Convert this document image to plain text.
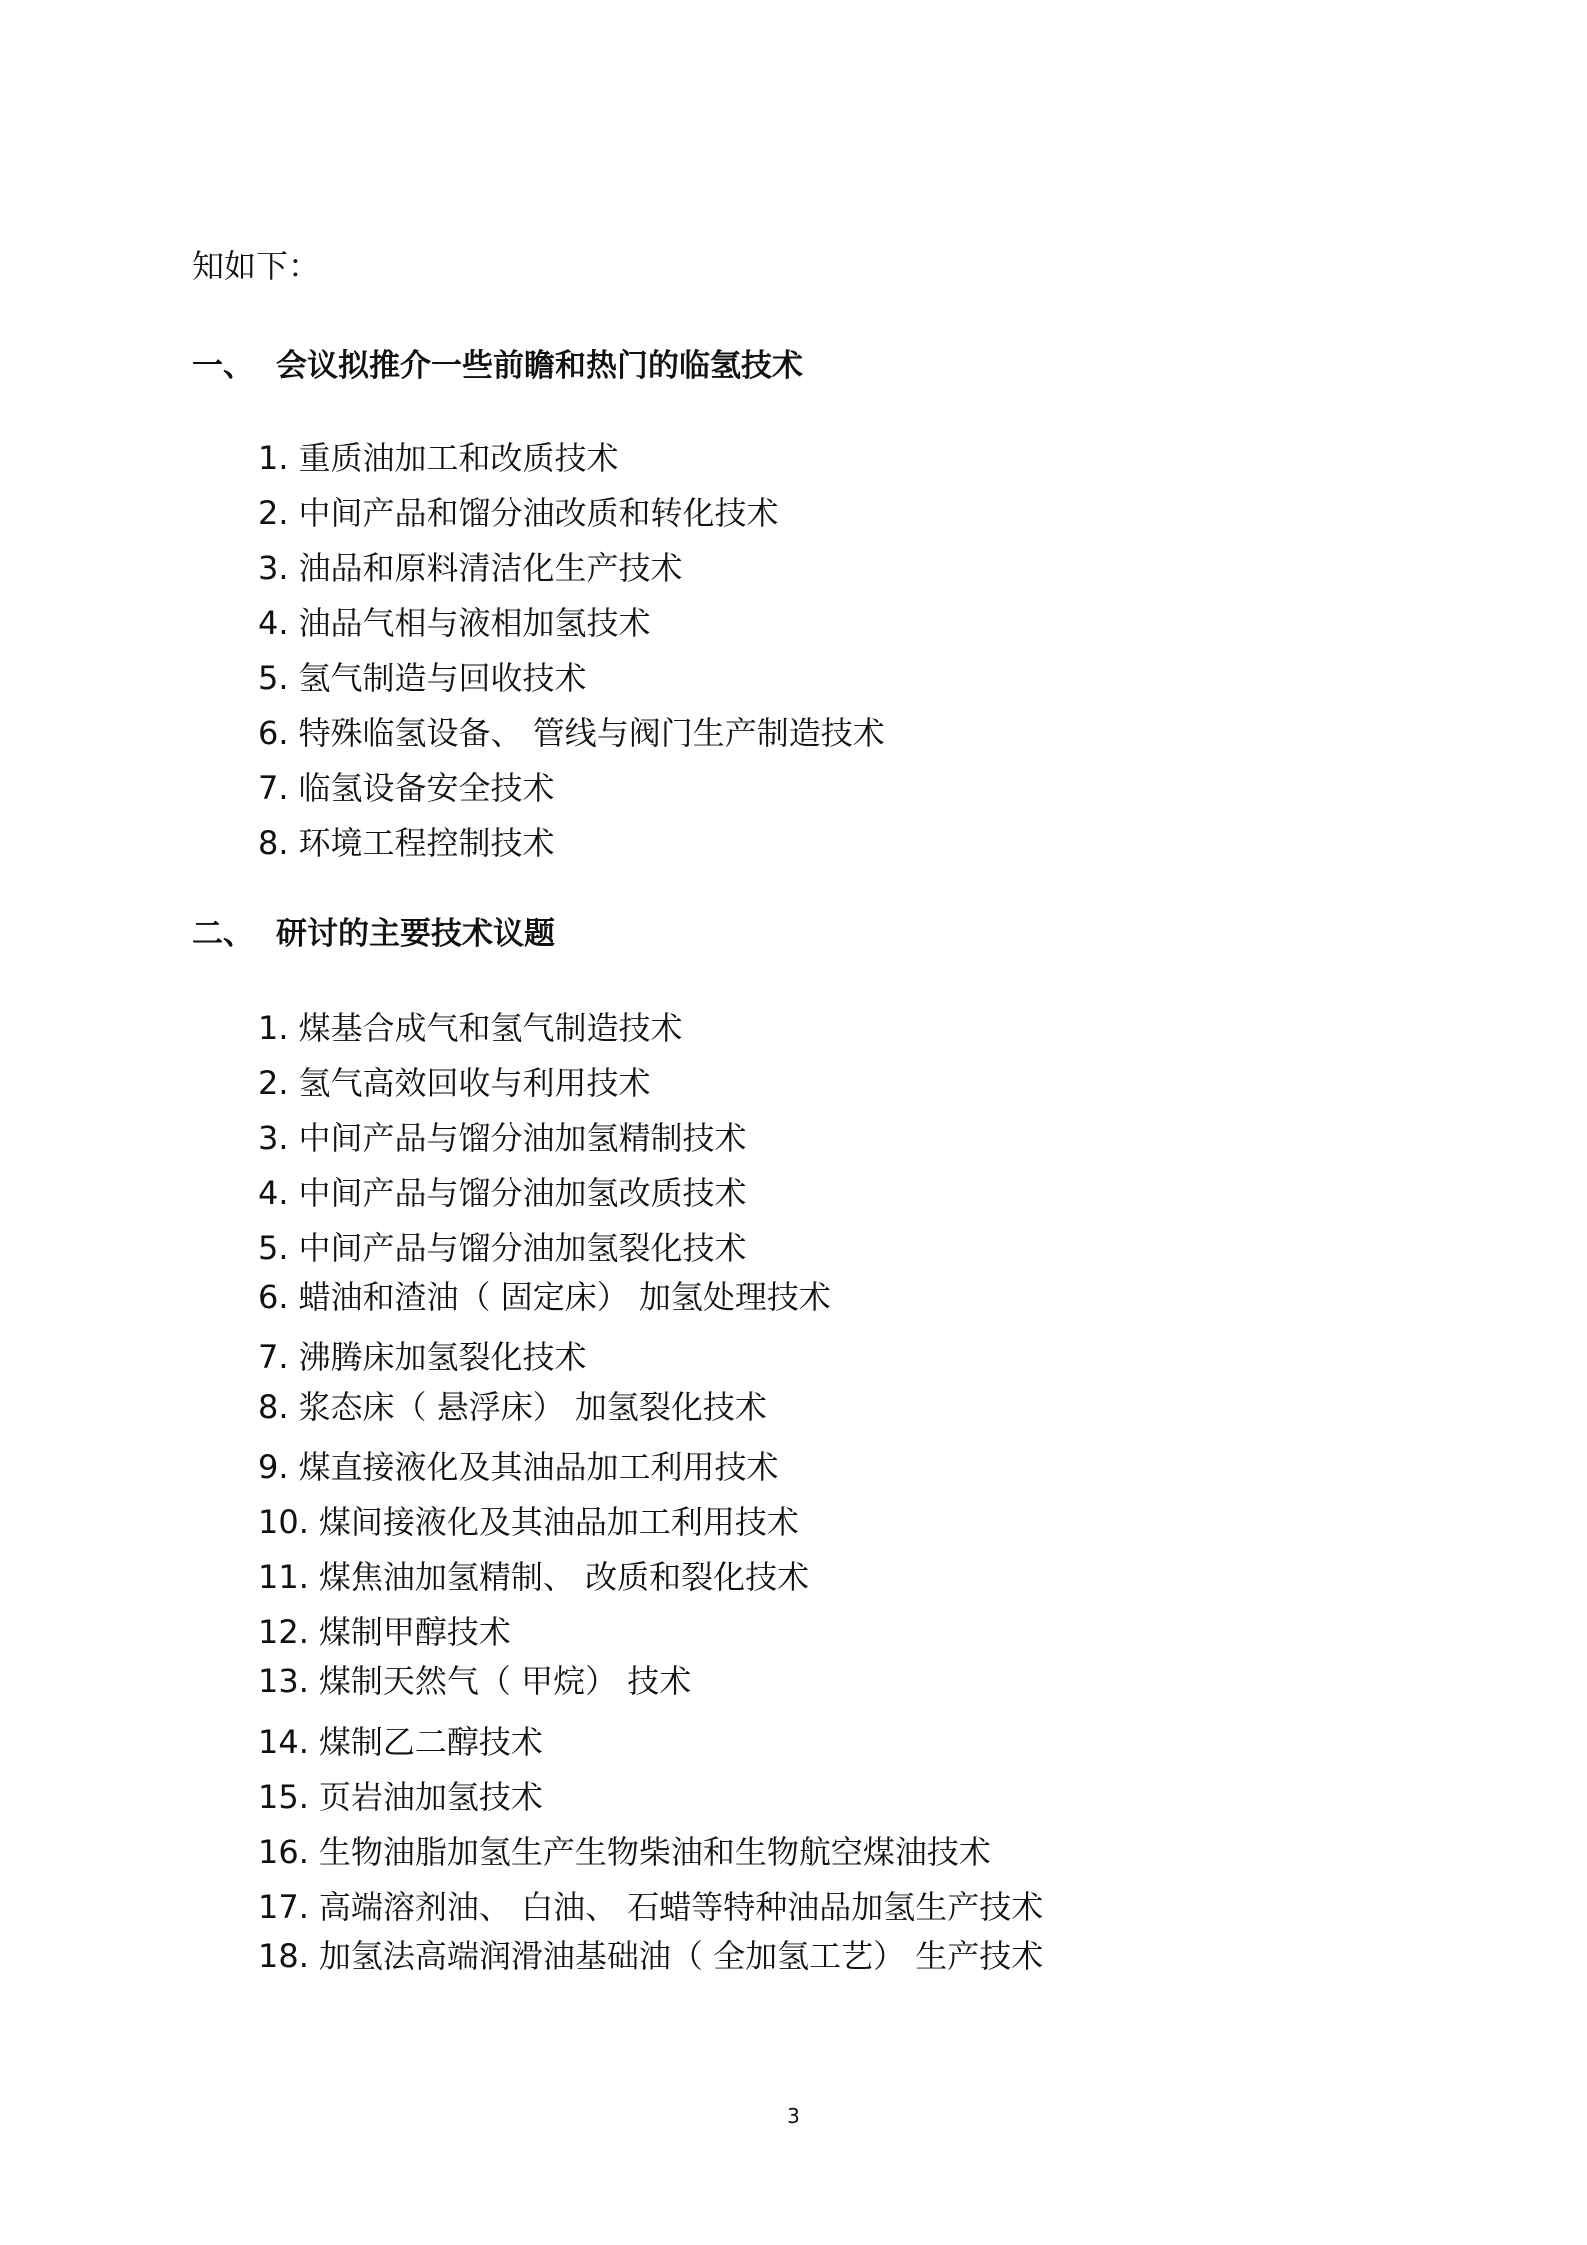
知如下：
一、 会议拟推介一些前瞻和热门的临氢技术
1. 重质油加工和改质技术
2. 中间产品和馏分油改质和转化技术
3. 油品和原料清洁化生产技术
4. 油品气相与液相加氢技术
5. 氢气制造与回收技术
6. 特殊临氢设备、 管线与阀门生产制造技术
7. 临氢设备安全技术
8. 环境工程控制技术
二、 研讨的主要技术议题
1. 煤基合成气和氢气制造技术
2. 氢气高效回收与利用技术
3. 中间产品与馏分油加氢精制技术
4. 中间产品与馏分油加氢改质技术
5. 中间产品与馏分油加氢裂化技术
6. 蜡油和渣油（ 固定床） 加氢处理技术
7. 沸腾床加氢裂化技术
8. 浆态床（ 悬浮床） 加氢裂化技术
9. 煤直接液化及其油品加工利用技术
10. 煤间接液化及其油品加工利用技术
11. 煤焦油加氢精制、 改质和裂化技术
12. 煤制甲醇技术
13. 煤制天然气（ 甲烷） 技术
14. 煤制乙二醇技术
15. 页岩油加氢技术
16. 生物油脂加氢生产生物柴油和生物航空煤油技术
17. 高端溶剂油、 白油、 石蜡等特种油品加氢生产技术
18. 加氢法高端润滑油基础油（ 全加氢工艺） 生产技术
3
